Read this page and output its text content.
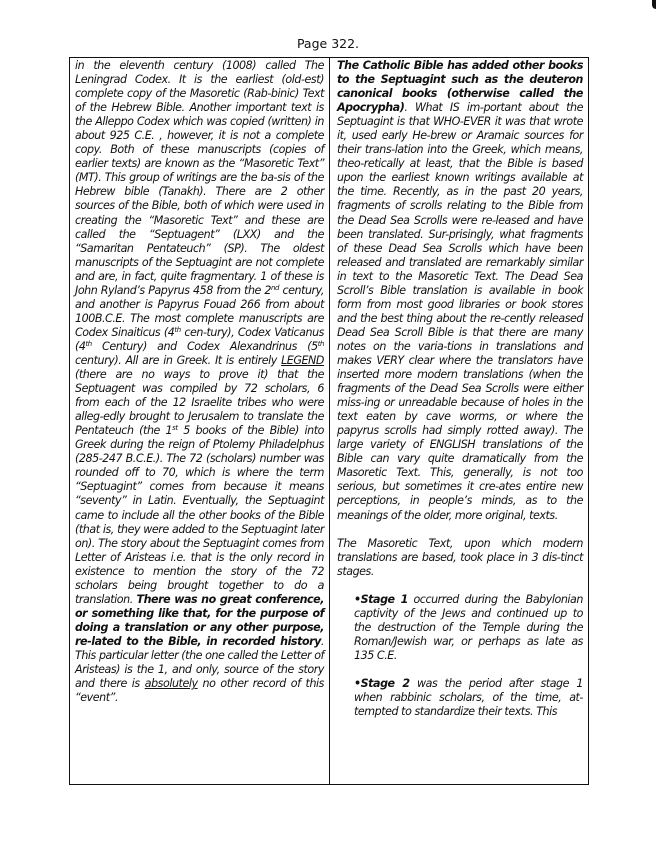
Page 322.

in the eleventh century (1008) called The Leningrad Codex. It is the earliest (old-est) complete copy of the Masoretic (Rab-binic) Text of the Hebrew Bible. Another important text is the Alleppo Codex which was copied (written) in about 925 C.E. , however, it is not a complete copy. Both of these manuscripts (copies of earlier texts) are known as the “Masoretic Text” (MT). This group of writings are the ba-sis of the Hebrew bible (Tanakh). There are 2 other sources of the Bible, both of which were used in creating the “Masoretic Text” and these are called the “Septuagent” (LXX) and the “Samaritan Pentateuch” (SP). The oldest manuscripts of the Septuagint are not complete and are, in fact, quite fragmentary. 1 of these is John Ryland’s Papyrus 458 from the 2nd century, and another is Papyrus Fouad 266 from about 100B.C.E. The most complete manuscripts are Codex Sinaiticus (4th cen-tury), Codex Vaticanus (4th Century) and Codex Alexandrinus (5th century). All are in Greek. It is entirely LEGEND (there are no ways to prove it) that the Septuagent was compiled by 72 scholars, 6 from each of the 12 Israelite tribes who were alleg-edly brought to Jerusalem to translate the Pentateuch (the 1st 5 books of the Bible) into Greek during the reign of Ptolemy Philadelphus (285-247 B.C.E.). The 72 (scholars) number was rounded off to 70, which is where the term “Septuagint” comes from because it means “seventy” in Latin. Eventually, the Septuagint came to include all the other books of the Bible (that is, they were added to the Septuagint later on). The story about the Septuagint comes from Letter of Aristeas i.e. that is the only record in existence to mention the story of the 72 scholars being brought together to do a translation. There was no great conference, or something like that, for the purpose of doing a translation or any other purpose, re-lated to the Bible, in recorded history. This particular letter (the one called the Letter of Aristeas) is the 1, and only, source of the story and there is absolutely no other record of this “event”.

The Catholic Bible has added other books to the Septuagint such as the deuteron canonical books (otherwise called the Apocrypha). What IS im-portant about the Septuagint is that WHO-EVER it was that wrote it, used early He-brew or Aramaic sources for their trans-lation into the Greek, which means, theo-retically at least, that the Bible is based upon the earliest known writings available at the time. Recently, as in the past 20 years, fragments of scrolls relating to the Bible from the Dead Sea Scrolls were re-leased and have been translated. Sur-prisingly, what fragments of these Dead Sea Scrolls which have been released and translated are remarkably similar in text to the Masoretic Text. The Dead Sea Scroll’s Bible translation is available in book form from most good libraries or book stores and the best thing about the re-cently released Dead Sea Scroll Bible is that there are many notes on the varia-tions in translations and makes VERY clear where the translators have inserted more modern translations (when the fragments of the Dead Sea Scrolls were either miss-ing or unreadable because of holes in the text eaten by cave worms, or where the papyrus scrolls had simply rotted away). The large variety of ENGLISH translations of the Bible can vary quite dramatically from the Masoretic Text. This, generally, is not too serious, but sometimes it cre-ates entire new perceptions, in people’s minds, as to the meanings of the older, more original, texts.

The Masoretic Text, upon which modern translations are based, took place in 3 dis-tinct stages.

•Stage 1 occurred during the Babylonian captivity of the Jews and continued up to the destruction of the Temple during the Roman/Jewish war, or perhaps as late as 135 C.E.

•Stage 2 was the period after stage 1 when rabbinic scholars, of the time, at-tempted to standardize their texts. This
